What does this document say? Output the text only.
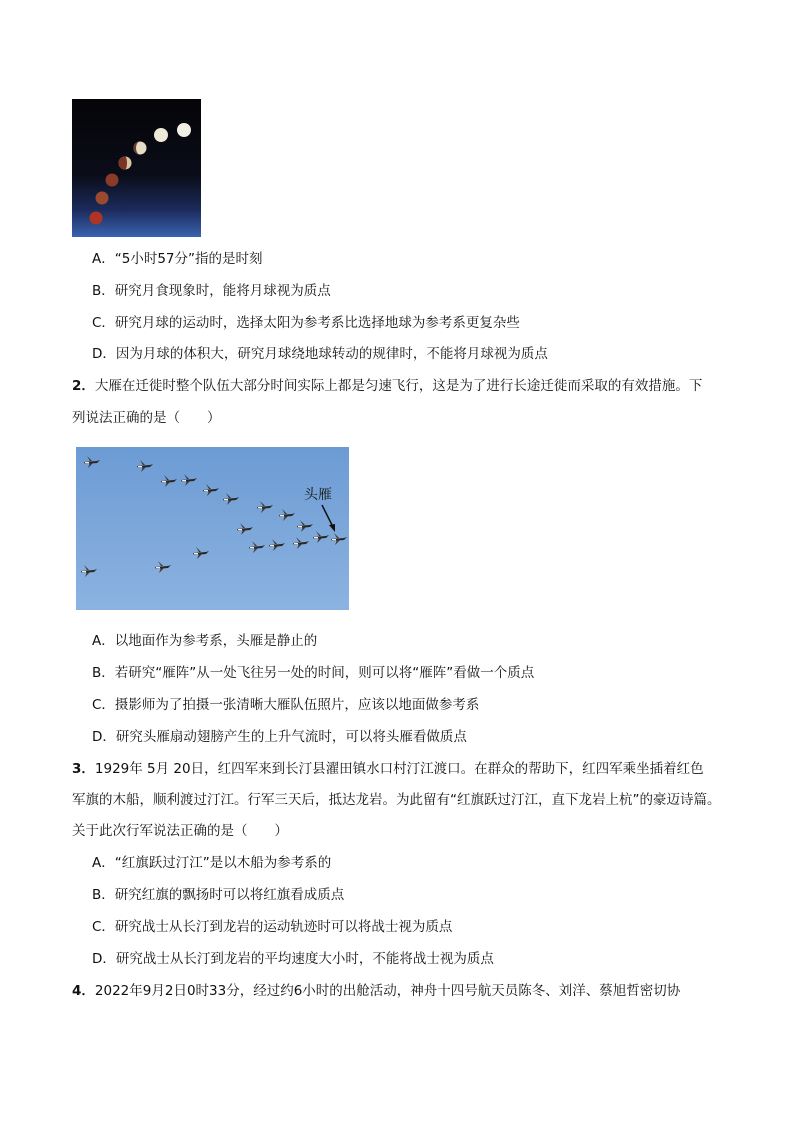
A．“5小时57分”指的是时刻
B．研究月食现象时，能将月球视为质点
C．研究月球的运动时，选择太阳为参考系比选择地球为参考系更复杂些
D．因为月球的体积大，研究月球绕地球转动的规律时，不能将月球视为质点
2．大雁在迁徙时整个队伍大部分时间实际上都是匀速飞行，这是为了进行长途迁徙而采取的有效措施。下
列说法正确的是（　　）
头雁
A．以地面作为参考系，头雁是静止的
B．若研究“雁阵”从一处飞往另一处的时间，则可以将“雁阵”看做一个质点
C．摄影师为了拍摄一张清晰大雁队伍照片，应该以地面做参考系
D．研究头雁扇动翅膀产生的上升气流时，可以将头雁看做质点
3．1929年 5月 20日，红四军来到长汀县濯田镇水口村汀江渡口。在群众的帮助下，红四军乘坐插着红色
军旗的木船，顺利渡过汀江。行军三天后，抵达龙岩。为此留有“红旗跃过汀江，直下龙岩上杭”的豪迈诗篇。
关于此次行军说法正确的是（　　）
A．“红旗跃过汀江”是以木船为参考系的
B．研究红旗的飘扬时可以将红旗看成质点
C．研究战士从长汀到龙岩的运动轨迹时可以将战士视为质点
D．研究战士从长汀到龙岩的平均速度大小时，不能将战士视为质点
4．2022年9月2日0时33分，经过约6小时的出舱活动，神舟十四号航天员陈冬、刘洋、蔡旭哲密切协
